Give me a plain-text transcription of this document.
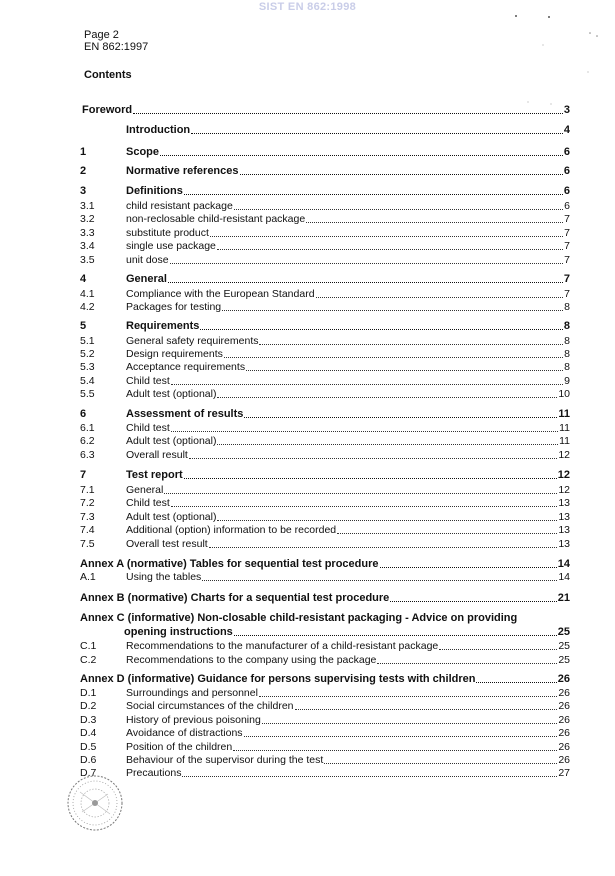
SIST EN 862:1998
Page 2
EN 862:1997
Contents
Foreword	3
Introduction	4
1	Scope	6
2	Normative references	6
3	Definitions	6
3.1	child resistant package	6
3.2	non-reclosable child-resistant package	7
3.3	substitute product	7
3.4	single use package	7
3.5	unit dose	7
4	General	7
4.1	Compliance with the European Standard	7
4.2	Packages for testing	8
5	Requirements	8
5.1	General safety requirements	8
5.2	Design requirements	8
5.3	Acceptance requirements	8
5.4	Child test	9
5.5	Adult test (optional)	10
6	Assessment of results	11
6.1	Child test	11
6.2	Adult test (optional)	11
6.3	Overall result	12
7	Test report	12
7.1	General	12
7.2	Child test	13
7.3	Adult test (optional)	13
7.4	Additional (option) information to be recorded	13
7.5	Overall test result	13
Annex A (normative) Tables for sequential test procedure	14
A.1	Using the tables	14
Annex B (normative) Charts for a sequential test procedure	21
Annex C (informative) Non-closable child-resistant packaging - Advice on providing
opening instructions	25
C.1	Recommendations to the manufacturer of a child-resistant package	25
C.2	Recommendations to the company using the package	25
Annex D (informative) Guidance for persons supervising tests with children	26
D.1	Surroundings and personnel	26
D.2	Social circumstances of the children	26
D.3	History of previous poisoning	26
D.4	Avoidance of distractions	26
D.5	Position of the children	26
D.6	Behaviour of the supervisor during the test	26
D.7	Precautions	27
